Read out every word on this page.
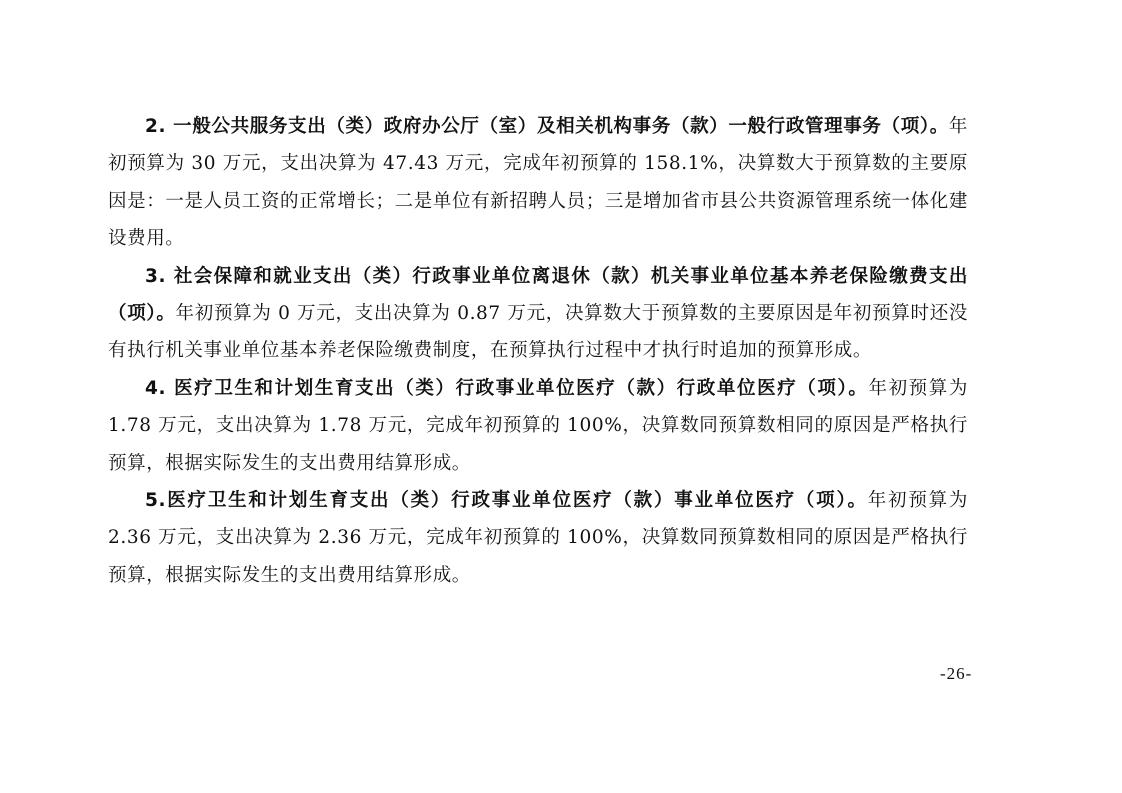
2. 一般公共服务支出（类）政府办公厅（室）及相关机构事务（款）一般行政管理事务（项）。年初预算为 30 万元，支出决算为 47.43 万元，完成年初预算的 158.1%，决算数大于预算数的主要原因是：一是人员工资的正常增长；二是单位有新招聘人员；三是增加省市县公共资源管理系统一体化建设费用。

3. 社会保障和就业支出（类）行政事业单位离退休（款）机关事业单位基本养老保险缴费支出（项）。年初预算为 0 万元，支出决算为 0.87 万元，决算数大于预算数的主要原因是年初预算时还没有执行机关事业单位基本养老保险缴费制度，在预算执行过程中才执行时追加的预算形成。

4. 医疗卫生和计划生育支出（类）行政事业单位医疗（款）行政单位医疗（项）。年初预算为 1.78 万元，支出决算为 1.78 万元，完成年初预算的 100%，决算数同预算数相同的原因是严格执行预算，根据实际发生的支出费用结算形成。

5.医疗卫生和计划生育支出（类）行政事业单位医疗（款）事业单位医疗（项）。年初预算为 2.36 万元，支出决算为 2.36 万元，完成年初预算的 100%，决算数同预算数相同的原因是严格执行预算，根据实际发生的支出费用结算形成。

-26-
